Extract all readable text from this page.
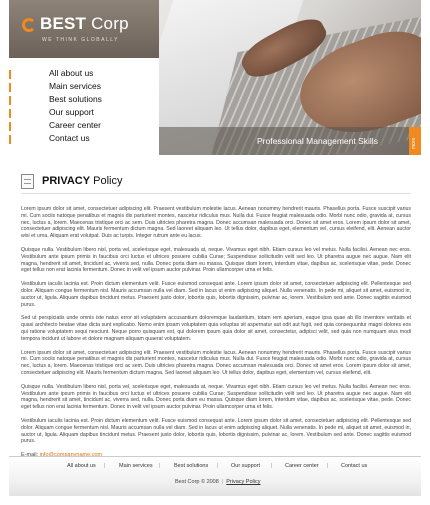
BEST Corp
WE THINK GLOBALLY
All about us
Main services
Best solutions
Our support
Career center
Contact us	Professional Management Skills	more
PRIVACY Policy

Lorem ipsum dolor sit amet, consectetuer adipiscing elit. Praesent vestibulum molestie lacus. Aenean nonummy hendrerit mauris. Phasellus porta. Fusce suscipit varius mi. Cum sociis natoque penatibus et magnis dis parturient montes, nascetur ridiculus mus. Nulla dui. Fusce feugiat malesuada odio. Morbi nunc odio, gravida at, cursus nec, luctus a, lorem. Maecenas tristique orci ac sem. Duis ultricies pharetra magna. Donec accumsan malesuada orci. Donec sit amet eros. Lorem ipsum dolor sit amet, consectetuer adipiscing elit. Mauris fermentum dictum magna. Sed laoreet aliquam leo. Ut tellus dolor, dapibus eget, elementum vel, cursus eleifend, elit. Aenean auctor wisi et urna. Aliquam erat volutpat. Duis ac turpis. Integer rutrum ante eu lacus.

Quisque nulla. Vestibulum libero nisl, porta vel, scelerisque eget, malesuada at, neque. Vivamus eget nibh. Etiam cursus leo vel metus. Nulla facilisi. Aenean nec eros. Vestibulum ante ipsum primis in faucibus orci luctus et ultrices posuere cubilia Curae; Suspendisse sollicitudin velit sed leo. Ut pharetra augue nec augue. Nam elit magna, hendrerit sit amet, tincidunt ac, viverra sed, nulla. Donec porta diam eu massa. Quisque diam lorem, interdum vitae, dapibus ac, scelerisque vitae, pede. Donec eget tellus non erat lacinia fermentum. Donec in velit vel ipsum auctor pulvinar. Proin ullamcorper urna et felis.

Vestibulum iaculis lacinia est. Proin dictum elementum velit. Fusce euismod consequat ante. Lorem ipsum dolor sit amet, consectetuer adipiscing elit. Pellentesque sed dolor. Aliquam congue fermentum nisl. Mauris accumsan nulla vel diam. Sed in lacus ut enim adipiscing aliquet. Nulla venenatis. In pede mi, aliquet sit amet, euismod in, auctor ut, ligula. Aliquam dapibus tincidunt metus. Praesent justo dolor, lobortis quis, lobortis dignissim, pulvinar ac, lorem. Vestibulum sed ante. Donec sagittis euismod purus.

Sed ut perspiciatis unde omnis iste natus error sit voluptatem accusantium doloremque laudantium, totam rem aperiam, eaque ipsa quae ab illo inventore veritatis et quasi architecto beatae vitae dicta sunt explicabo. Nemo enim ipsam voluptatem quia voluptas sit aspernatur aut odit aut fugit, sed quia consequuntur magni dolores eos qui ratione voluptatem sequi nesciunt. Neque porro quisquam est, qui dolorem ipsum quia dolor sit amet, consectetur, adipisci velit, sed quia non numquam eius modi tempora incidunt ut labore et dolore magnam aliquam quaerat voluptatem.

Lorem ipsum dolor sit amet, consectetuer adipiscing elit. Praesent vestibulum molestie lacus. Aenean nonummy hendrerit mauris. Phasellus porta. Fusce suscipit varius mi. Cum sociis natoque penatibus et magnis dis parturient montes, nascetur ridiculus mus. Nulla dui. Fusce feugiat malesuada odio. Morbi nunc odio, gravida at, cursus nec, luctus a, lorem. Maecenas tristique orci ac sem. Duis ultricies pharetra magna. Donec accumsan malesuada orci. Donec sit amet eros. Lorem ipsum dolor sit amet, consectetuer adipiscing elit. Mauris fermentum dictum magna. Sed laoreet aliquam leo. Ut tellus dolor, dapibus eget, elementum vel, cursus eleifend, elit.

Quisque nulla. Vestibulum libero nisl, porta vel, scelerisque eget, malesuada at, neque. Vivamus eget nibh. Etiam cursus leo vel metus. Nulla facilisi. Aenean nec eros. Vestibulum ante ipsum primis in faucibus orci luctus et ultrices posuere cubilia Curae; Suspendisse sollicitudin velit sed leo. Ut pharetra augue nec augue. Nam elit magna, hendrerit sit amet, tincidunt ac, viverra sed, nulla. Donec porta diam eu massa. Quisque diam lorem, interdum vitae, dapibus ac, scelerisque vitae, pede. Donec eget tellus non erat lacinia fermentum. Donec in velit vel ipsum auctor pulvinar. Proin ullamcorper urna et felis.

Vestibulum iaculis lacinia est. Proin dictum elementum velit. Fusce euismod consequat ante. Lorem ipsum dolor sit amet, consectetuer adipiscing elit. Pellentesque sed dolor. Aliquam congue fermentum nisl. Mauris accumsan nulla vel diam. Sed in lacus ut enim adipiscing aliquet. Nulla venenatis. In pede mi, aliquet sit amet, euismod in, auctor ut, ligula. Aliquam dapibus tincidunt metus. Praesent justo dolor, lobortis quis, lobortis dignissim, pulvinar ac, lorem. Vestibulum sed ante. Donec sagittis euismod purus.

All about us | Main services | Best solutions | Our support | Career center | Contact us
Best Corp © 2008 | Privacy Policy
